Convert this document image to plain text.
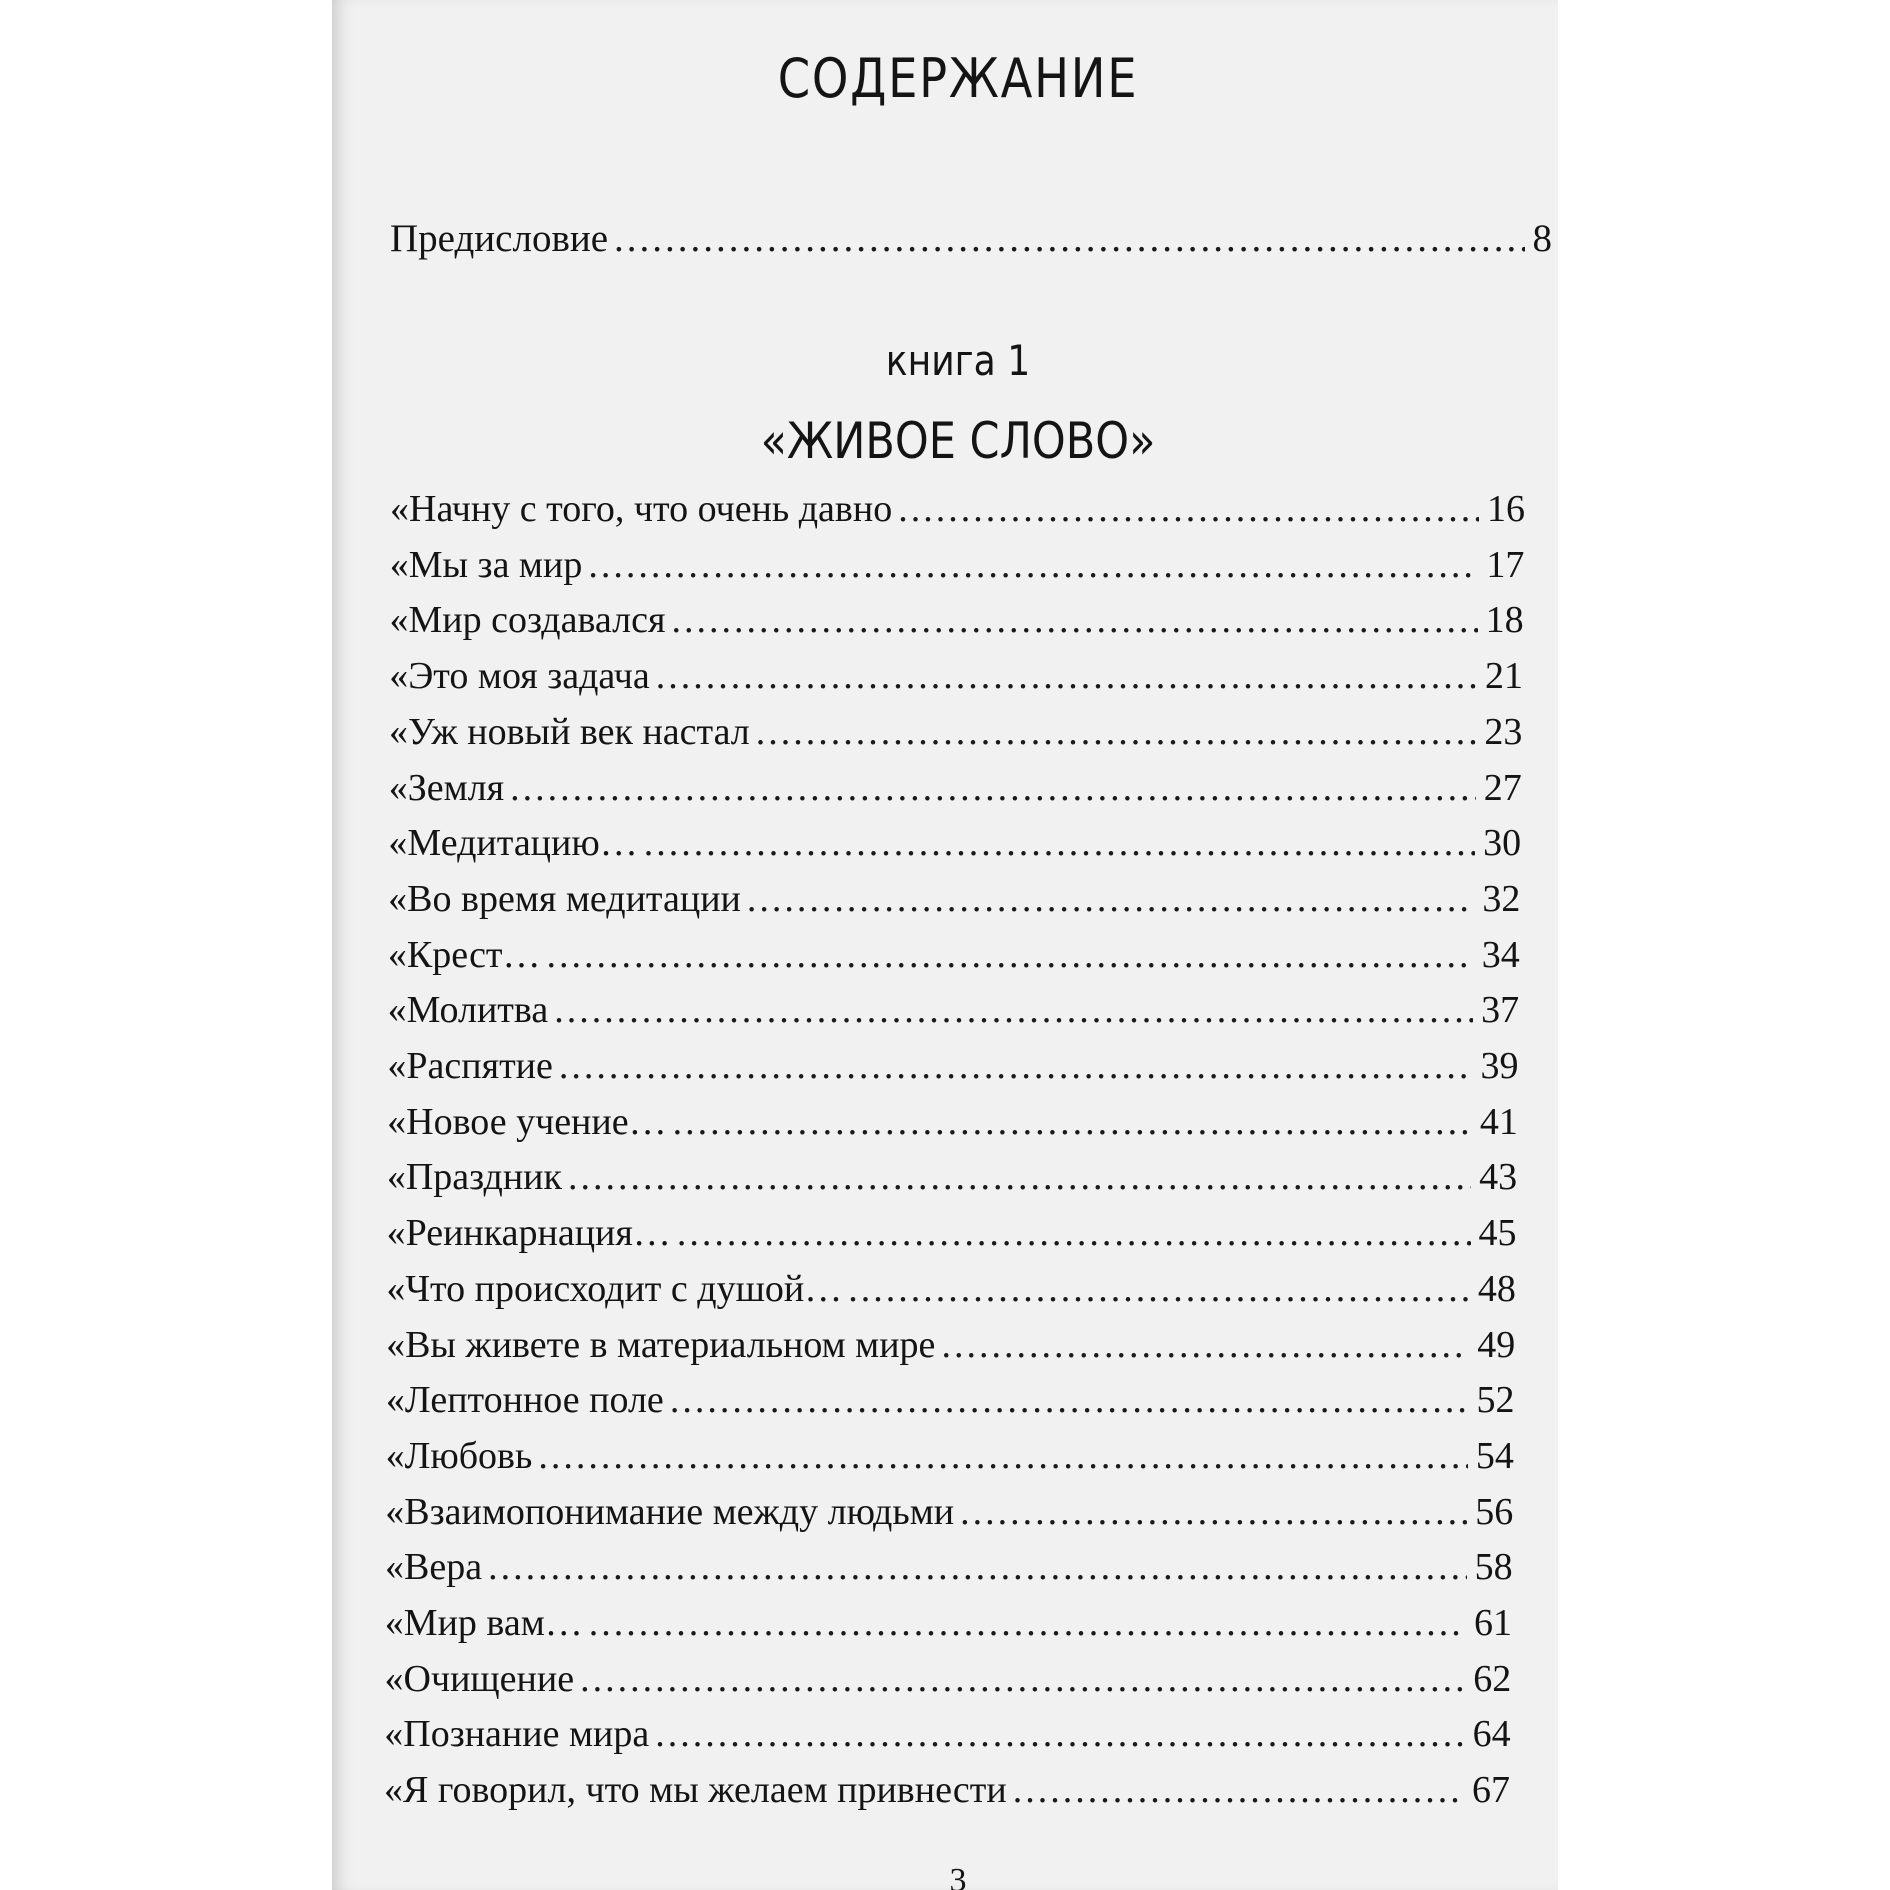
СОДЕРЖАНИЕ
Предисловие .....	8
книга 1
«ЖИВОЕ СЛОВО»
«Начну с того, что очень давно .....	16
«Мы за мир .....	17
«Мир создавался .....	18
«Это моя задача .....	21
«Уж новый век настал .....	23
«Земля .....	27
«Медитацию… .....	30
«Во время медитации .....	32
«Крест… .....	34
«Молитва .....	37
«Распятие .....	39
«Новое учение… .....	41
«Праздник .....	43
«Реинкарнация… .....	45
«Что происходит с душой… .....	48
«Вы живете в материальном мире .....	49
«Лептонное поле .....	52
«Любовь .....	54
«Взаимопонимание между людьми .....	56
«Вера .....	58
«Мир вам… .....	61
«Очищение .....	62
«Познание мира .....	64
«Я говорил, что мы желаем привнести .....	67
3
